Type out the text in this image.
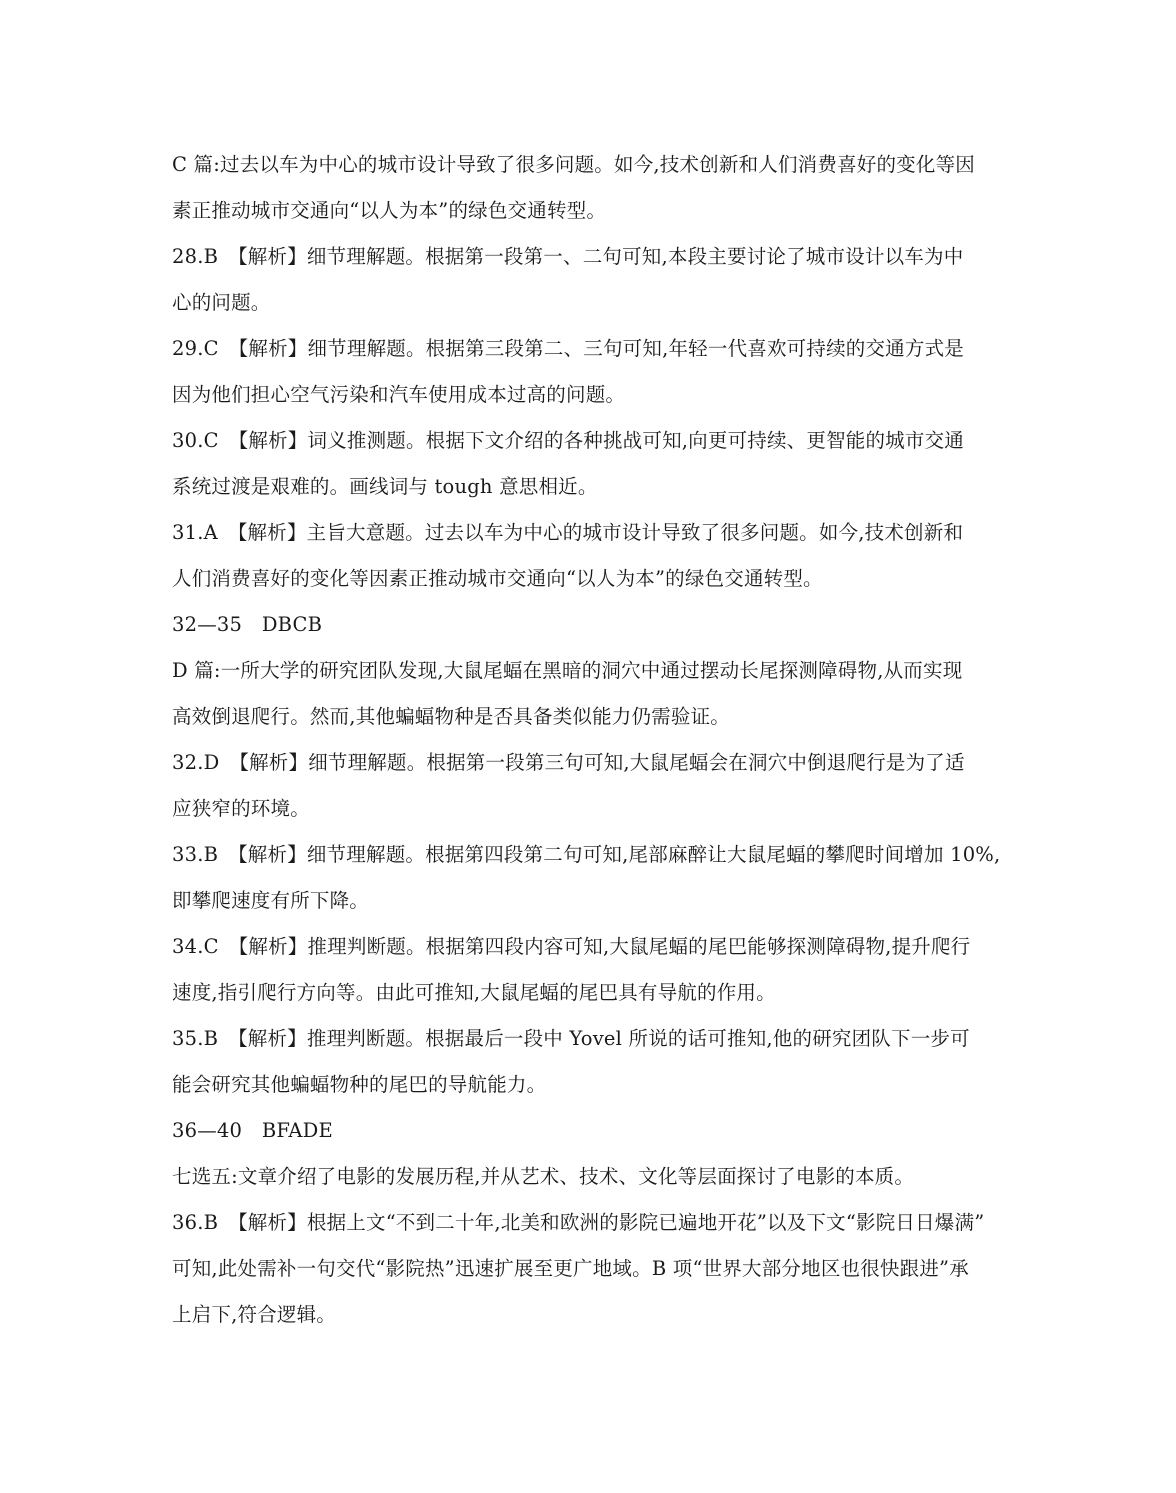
C 篇:过去以车为中心的城市设计导致了很多问题。如今,技术创新和人们消费喜好的变化等因
素正推动城市交通向“以人为本”的绿色交通转型。
28.B　【解析】细节理解题。根据第一段第一、二句可知,本段主要讨论了城市设计以车为中
心的问题。
29.C　【解析】细节理解题。根据第三段第二、三句可知,年轻一代喜欢可持续的交通方式是
因为他们担心空气污染和汽车使用成本过高的问题。
30.C　【解析】词义推测题。根据下文介绍的各种挑战可知,向更可持续、更智能的城市交通
系统过渡是艰难的。画线词与 tough 意思相近。
31.A　【解析】主旨大意题。过去以车为中心的城市设计导致了很多问题。如今,技术创新和
人们消费喜好的变化等因素正推动城市交通向“以人为本”的绿色交通转型。
32—35　DBCB
D 篇:一所大学的研究团队发现,大鼠尾蝠在黑暗的洞穴中通过摆动长尾探测障碍物,从而实现
高效倒退爬行。然而,其他蝙蝠物种是否具备类似能力仍需验证。
32.D　【解析】细节理解题。根据第一段第三句可知,大鼠尾蝠会在洞穴中倒退爬行是为了适
应狭窄的环境。
33.B　【解析】细节理解题。根据第四段第二句可知,尾部麻醉让大鼠尾蝠的攀爬时间增加 10%,
即攀爬速度有所下降。
34.C　【解析】推理判断题。根据第四段内容可知,大鼠尾蝠的尾巴能够探测障碍物,提升爬行
速度,指引爬行方向等。由此可推知,大鼠尾蝠的尾巴具有导航的作用。
35.B　【解析】推理判断题。根据最后一段中 Yovel 所说的话可推知,他的研究团队下一步可
能会研究其他蝙蝠物种的尾巴的导航能力。
36—40　BFADE
七选五:文章介绍了电影的发展历程,并从艺术、技术、文化等层面探讨了电影的本质。
36.B　【解析】根据上文“不到二十年,北美和欧洲的影院已遍地开花”以及下文“影院日日爆满”
可知,此处需补一句交代“影院热”迅速扩展至更广地域。B 项“世界大部分地区也很快跟进”承
上启下,符合逻辑。
